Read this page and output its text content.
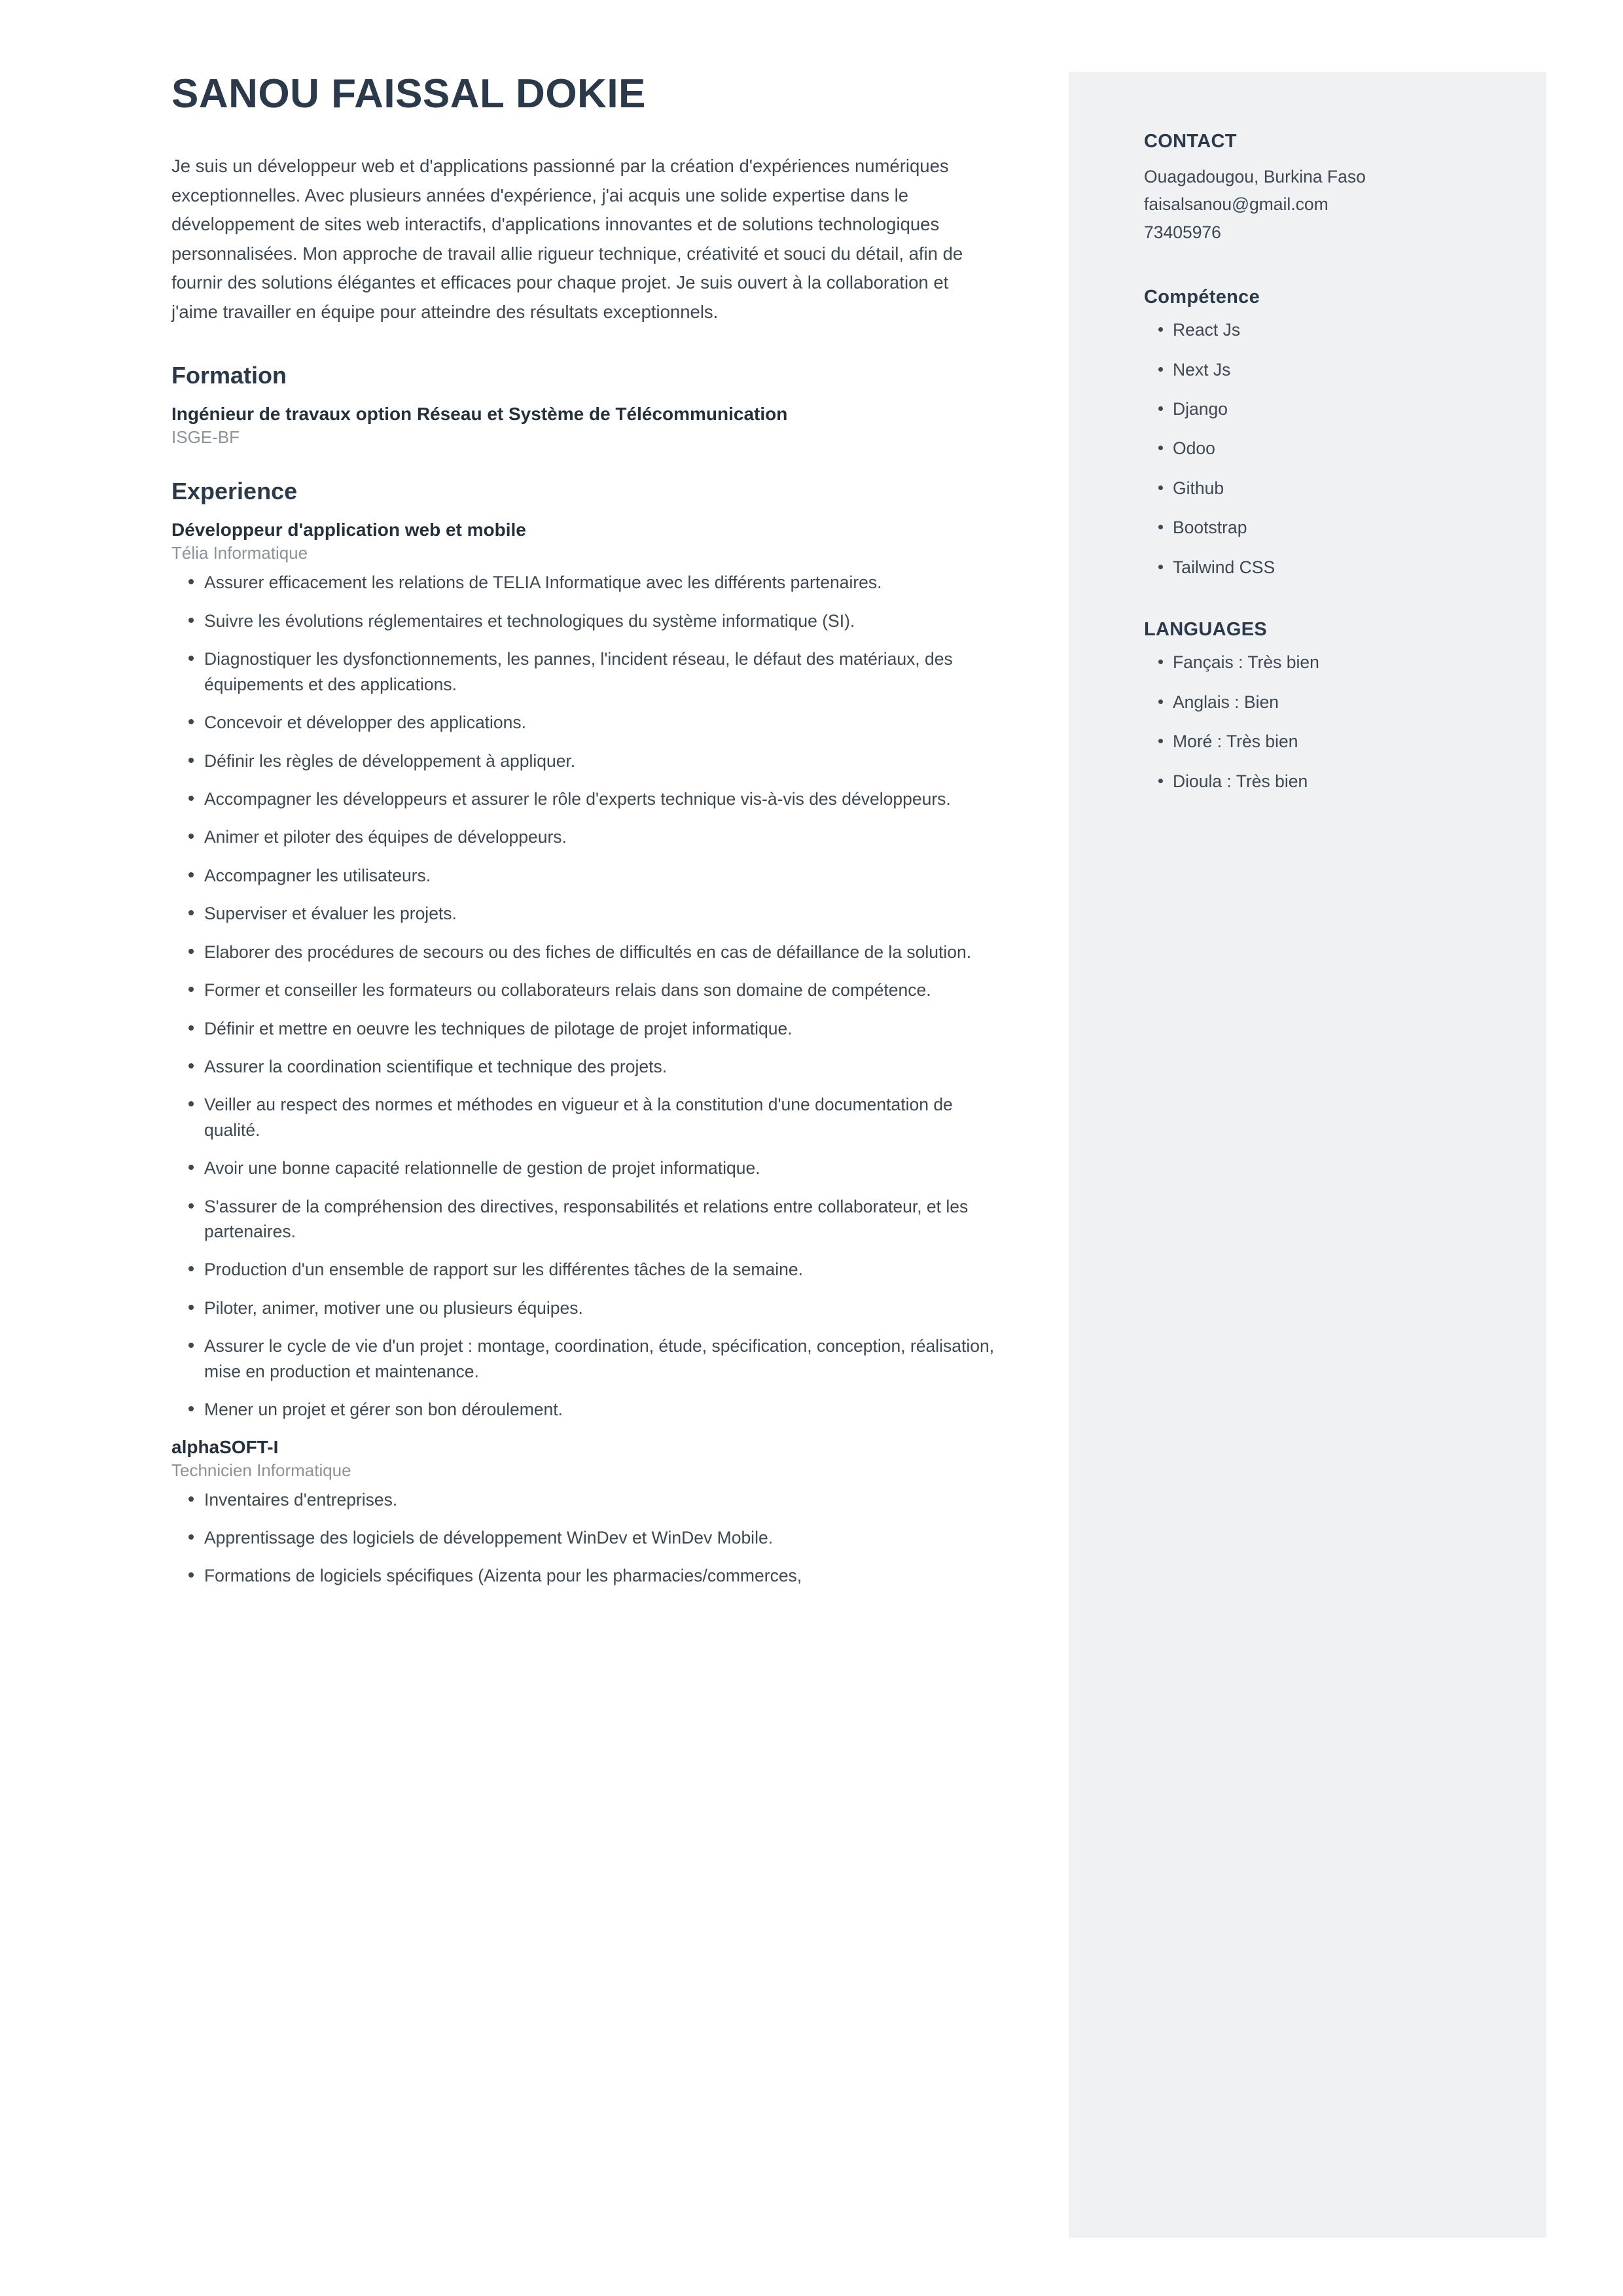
CONTACT

Ouagadougou, Burkina Faso

faisalsanou@gmail.com

73405976

Compétence
React Js
Next Js
Django
Odoo
Github
Bootstrap
Tailwind CSS
LANGUAGES
Fançais : Très bien
Anglais : Bien
Moré : Très bien
Dioula : Très bien
SANOU FAISSAL DOKIE

Je suis un développeur web et d'applications passionné par la création d'expériences numériques exceptionnelles. Avec plusieurs années d'expérience, j'ai acquis une solide expertise dans le développement de sites web interactifs, d'applications innovantes et de solutions technologiques personnalisées. Mon approche de travail allie rigueur technique, créativité et souci du détail, afin de fournir des solutions élégantes et efficaces pour chaque projet. Je suis ouvert à la collaboration et j'aime travailler en équipe pour atteindre des résultats exceptionnels.

Formation
Ingénieur de travaux option Réseau et Système de Télécommunication
ISGE-BF
Experience
Développeur d'application web et mobile
Télia Informatique
Assurer efficacement les relations de TELIA Informatique avec les différents partenaires.
Suivre les évolutions réglementaires et technologiques du système informatique (SI).
Diagnostiquer les dysfonctionnements, les pannes, l'incident réseau, le défaut des matériaux, des équipements et des applications.
Concevoir et développer des applications.
Définir les règles de développement à appliquer.
Accompagner les développeurs et assurer le rôle d'experts technique vis-à-vis des développeurs.
Animer et piloter des équipes de développeurs.
Accompagner les utilisateurs.
Superviser et évaluer les projets.
Elaborer des procédures de secours ou des fiches de difficultés en cas de défaillance de la solution.
Former et conseiller les formateurs ou collaborateurs relais dans son domaine de compétence.
Définir et mettre en oeuvre les techniques de pilotage de projet informatique.
Assurer la coordination scientifique et technique des projets.
Veiller au respect des normes et méthodes en vigueur et à la constitution d'une documentation de qualité.
Avoir une bonne capacité relationnelle de gestion de projet informatique.
S'assurer de la compréhension des directives, responsabilités et relations entre collaborateur, et les partenaires.
Production d'un ensemble de rapport sur les différentes tâches de la semaine.
Piloter, animer, motiver une ou plusieurs équipes.
Assurer le cycle de vie d'un projet : montage, coordination, étude, spécification, conception, réalisation, mise en production et maintenance.
Mener un projet et gérer son bon déroulement.
alphaSOFT-I
Technicien Informatique
Inventaires d'entreprises.
Apprentissage des logiciels de développement WinDev et WinDev Mobile.
Formations de logiciels spécifiques (Aizenta pour les pharmacies/commerces,
